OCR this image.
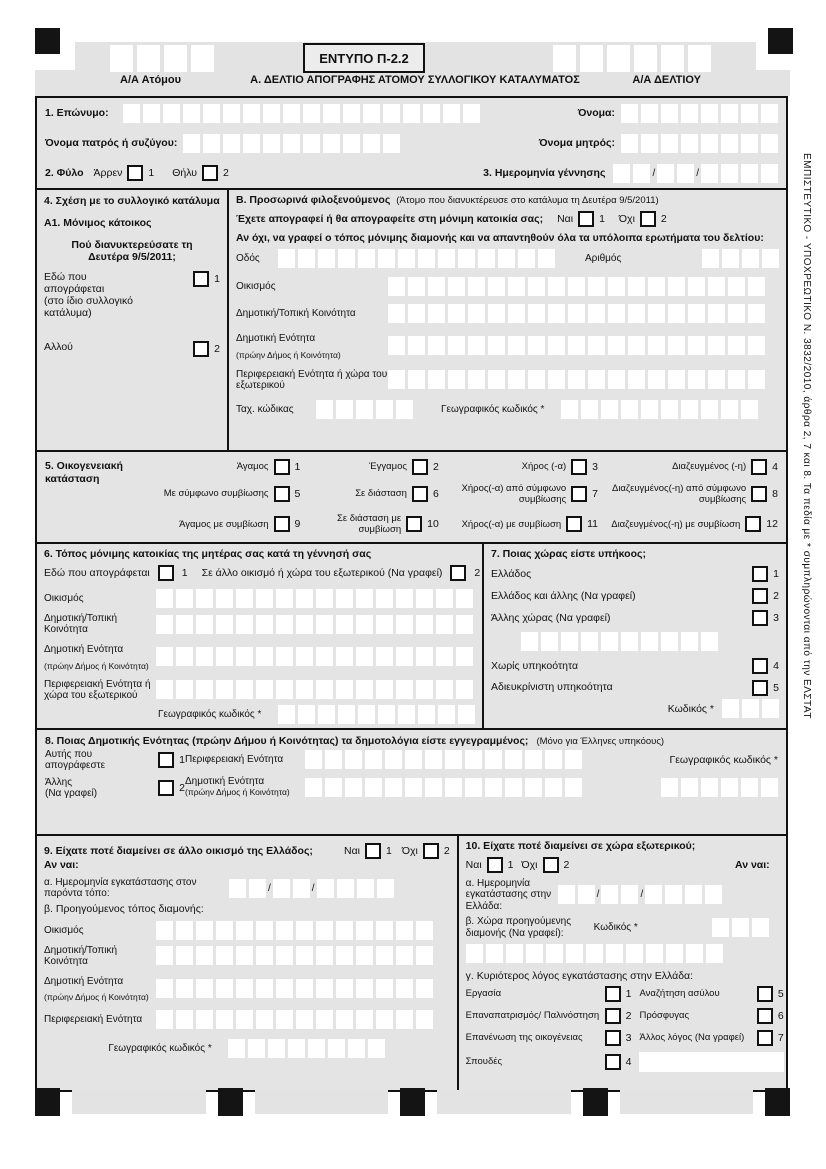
ΕΝΤΥΠΟ Π-2.2
Α/Α Ατόμου	Α. ΔΕΛΤΙΟ ΑΠΟΓΡΑΦΗΣ ΑΤΟΜΟΥ ΣΥΛΛΟΓΙΚΟΥ ΚΑΤΑΛΥΜΑΤΟΣ	Α/Α ΔΕΛΤΙΟΥ
1. Επώνυμο:	Όνομα:
Όνομα πατρός ή συζύγου:	Όνομα μητρός:
2. Φύλο Άρρεν 1 Θήλυ 2	3. Ημερομηνία γέννησης	/	/
4. Σχέση με το συλλογικό κατάλυμα
Α1. Μόνιμος κάτοικος
Πού διανυκτερεύσατε τη Δευτέρα 9/5/2011;
Εδώ που απογράφεται
(στο ίδιο συλλογικό κατάλυμα)
1
Αλλού	2
Β. Προσωρινά φιλοξενούμενος (Άτομο που διανυκτέρευσε στο κατάλυμα τη Δευτέρα 9/5/2011)
Έχετε απογραφεί ή θα απογραφείτε στη μόνιμη κατοικία σας; Ναι 1 Όχι 2
Αν όχι, να γραφεί ο τόπος μόνιμης διαμονής και να απαντηθούν όλα τα υπόλοιπα ερωτήματα του δελτίου:
Οδός	Αριθμός
Οικισμός
Δημοτική/Τοπική Κοινότητα
Δημοτική Ενότητα
(πρώην Δήμος ή Κοινότητα)
Περιφερειακή Ενότητα ή χώρα του εξωτερικού
Ταχ. κώδικας	Γεωγραφικός κωδικός *
5. Οικογενειακή κατάσταση
Άγαμος 1	Έγγαμος 2	Χήρος (-α) 3	Διαζευγμένος (-η) 4
Με σύμφωνο συμβίωσης 5	Σε διάσταση 6	Χήρος(-α) από σύμφωνο συμβίωσης 7	Διαζευγμένος(-η) από σύμφωνο συμβίωσης 8
Άγαμος με συμβίωση 9	Σε διάσταση με συμβίωση 10 Χήρος(-α) με συμβίωση 11 Διαζευγμένος(-η) με συμβίωση 12
6. Τόπος μόνιμης κατοικίας της μητέρας σας κατά τη γέννησή σας
Εδώ που απογράφεται	1 Σε άλλο οικισμό ή χώρα του εξωτερικού (Να γραφεί)	2
Οικισμός
Δημοτική/Τοπική Κοινότητα
Δημοτική Ενότητα
(πρώην Δήμος ή Κοινότητα)
Περιφερειακή Ενότητα ή χώρα του εξωτερικού
Γεωγραφικός κωδικός *
7. Ποιας χώρας είστε υπήκοος;
Ελλάδος	1
Ελλάδος και άλλης (Να γραφεί)	2
Άλλης χώρας (Να γραφεί)	3
Χωρίς υπηκοότητα	4
Αδιευκρίνιστη υπηκοότητα	5
Κωδικός *
8. Ποιας Δημοτικής Ενότητας (πρώην Δήμου ή Κοινότητας) τα δημοτολόγια είστε εγγεγραμμένος; (Μόνο για Έλληνες υπηκόους)
Αυτής που απογράφεστε	1 Περιφερειακή Ενότητα	Γεωγραφικός κωδικός *
Άλλης
(Να γραφεί)	2 Δημοτική Ενότητα
(πρώην Δήμος ή Κοινότητα)
9. Είχατε ποτέ διαμείνει σε άλλο οικισμό της Ελλάδος;
Αν ναι:
Ναι 1 Όχι 2
α. Ημερομηνία εγκατάστασης στον παρόντα τόπο:	/	/
β. Προηγούμενος τόπος διαμονής:
Οικισμός
Δημοτική/Τοπική Κοινότητα
Δημοτική Ενότητα
(πρώην Δήμος ή Κοινότητα)
Περιφερειακή Ενότητα
Γεωγραφικός κωδικός *
10. Είχατε ποτέ διαμείνει σε χώρα εξωτερικού;
Ναι 1 Όχι 2	Αν ναι:
α. Ημερομηνία εγκατάστασης στην Ελλάδα:
/	/
β. Χώρα προηγούμενης διαμονής (Να γραφεί):	Κωδικός *
γ. Κυριότερος λόγος εγκατάστασης στην Ελλάδα:
Εργασία	1 Αναζήτηση ασύλου	5
Επαναπατρισμός/ Παλινόστηση	2 Πρόσφυγας	6
Επανένωση της οικογένειας	3 Άλλος λόγος (Να γραφεί)	7
Σπουδές	4
ΕΜΠΙΣΤΕΥΤΙΚΟ - ΥΠΟΧΡΕΩΤΙΚΟ Ν. 3832/2010, άρθρα 2, 7 και 8. Τα πεδία με * συμπληρώνονται από την ΕΛΣΤΑΤ
